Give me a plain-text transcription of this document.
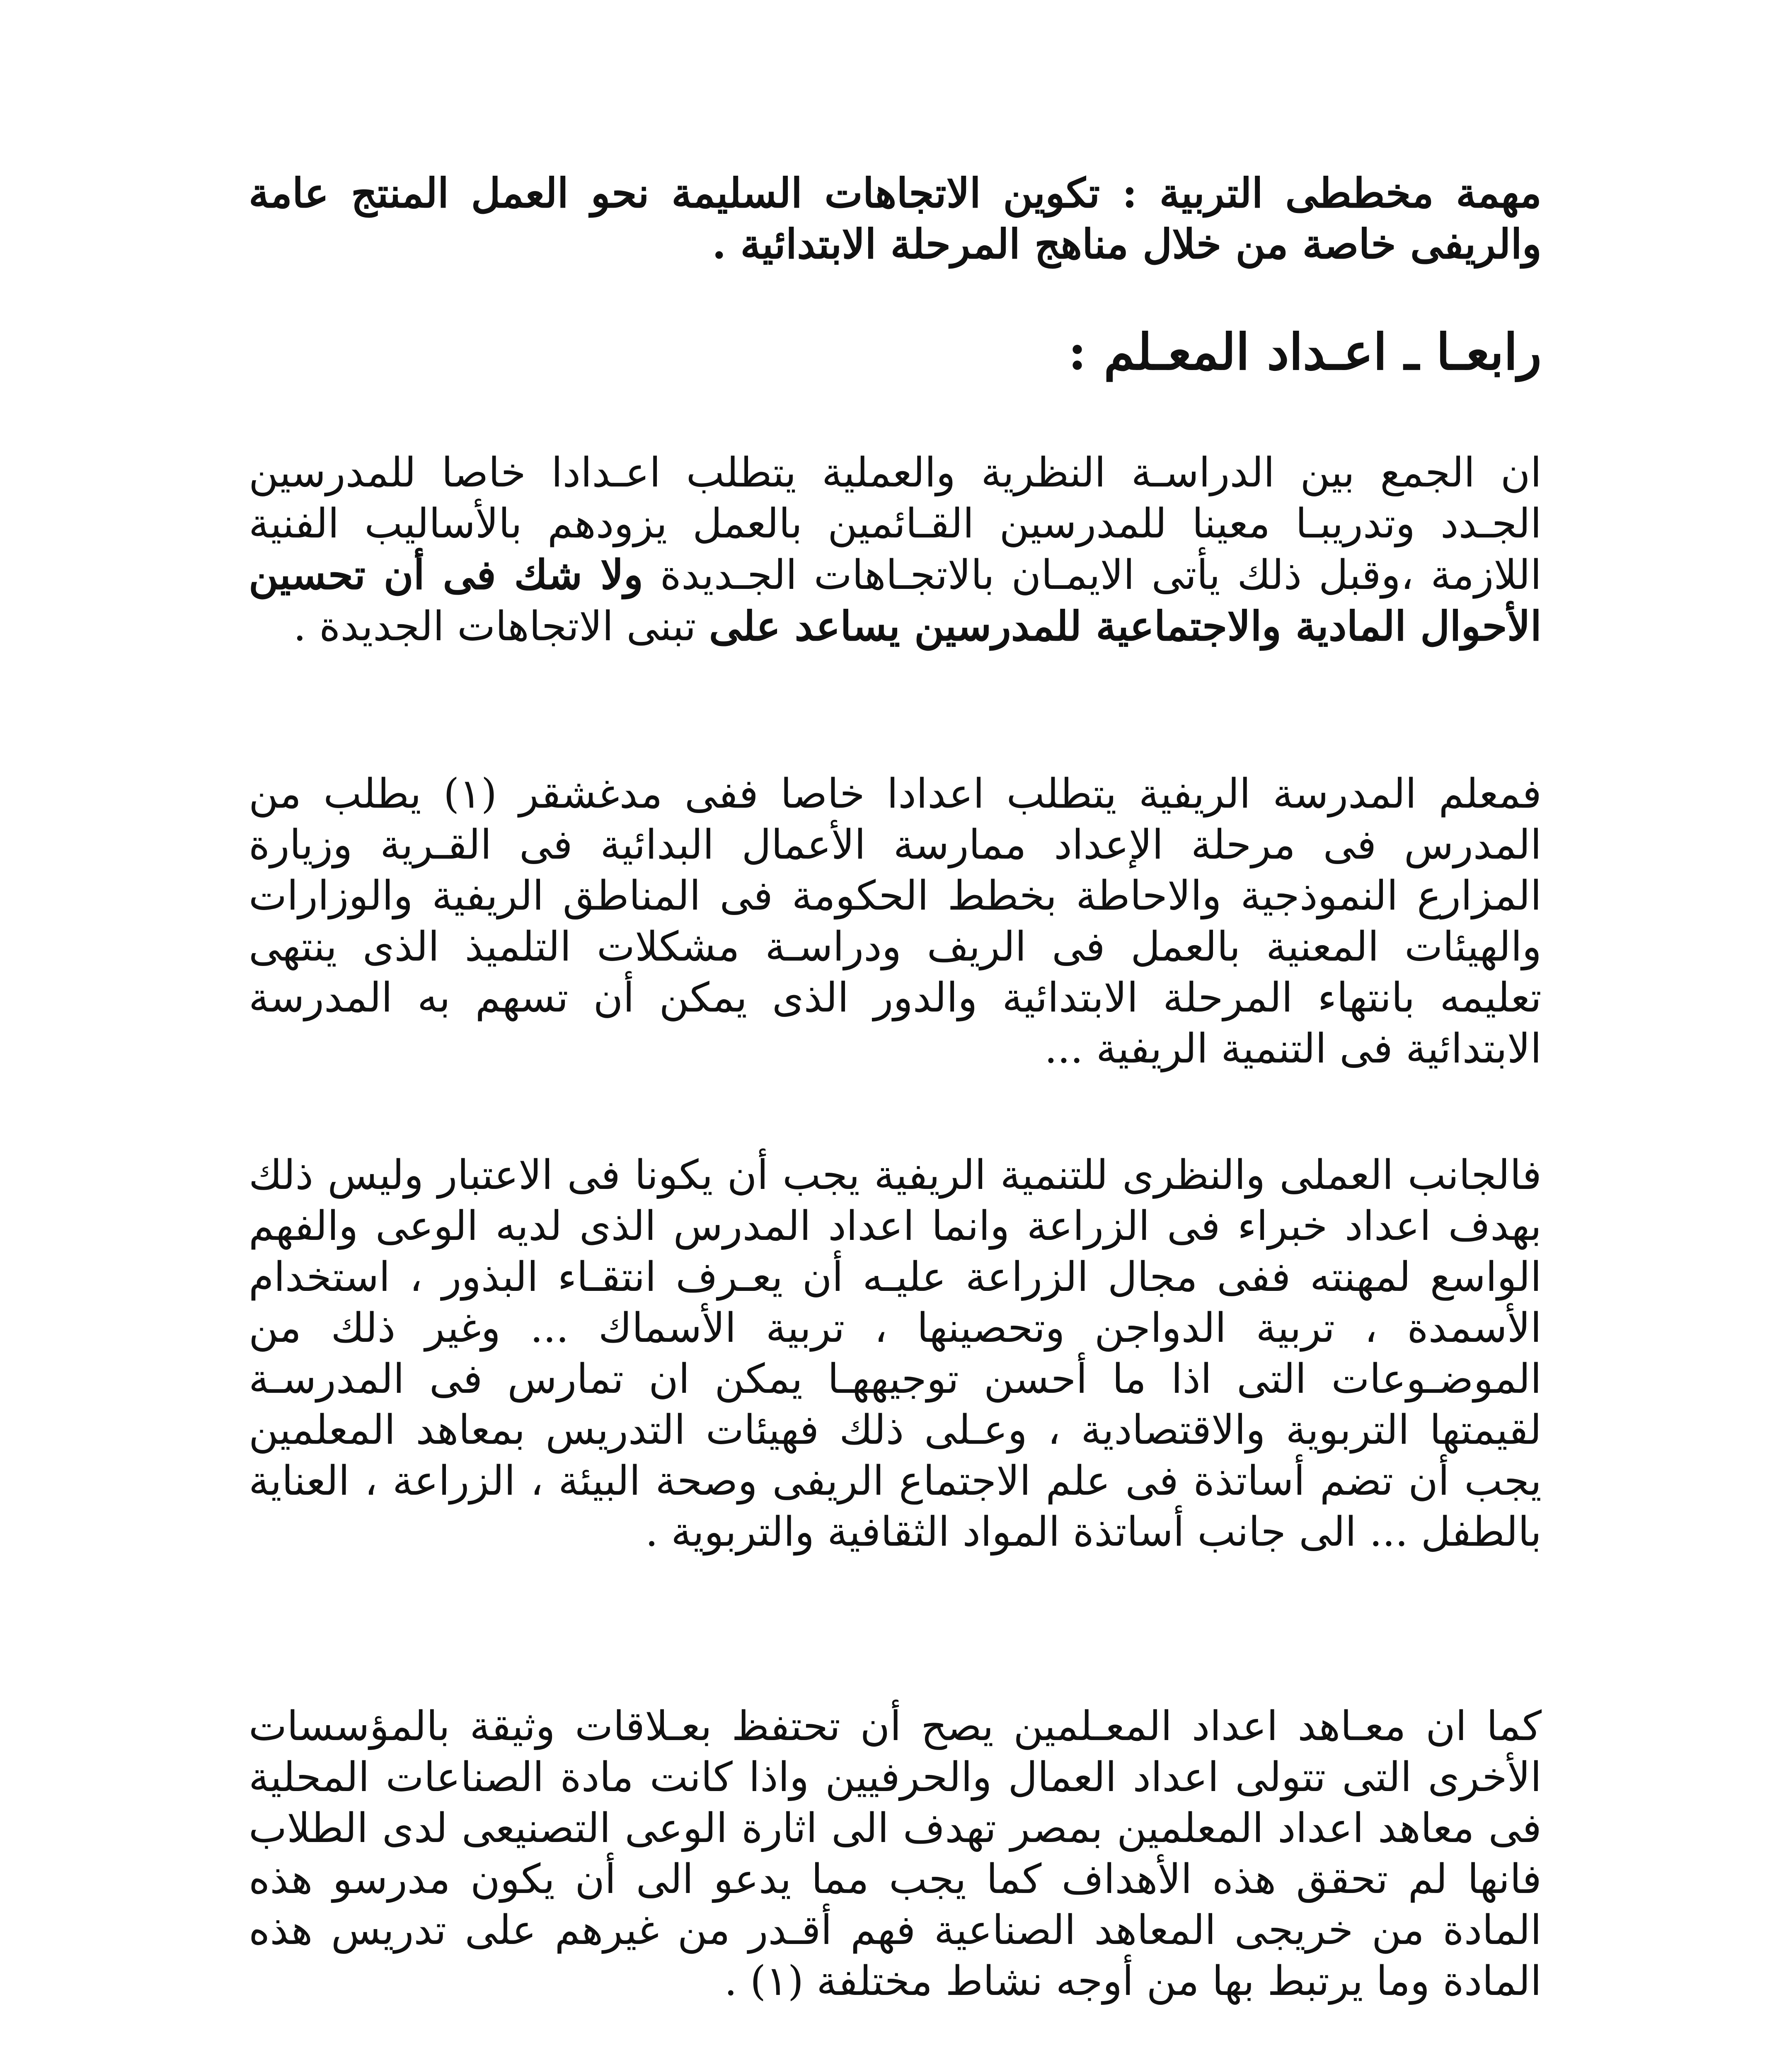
مهمة مخططى التربية : تكوين الاتجاهات السليمة نحو العمل المنتج عامة والريفى خاصة من خلال مناهج المرحلة الابتدائية .
رابعـا ـ اعـداد المعـلم :
ان الجمع بين الدراسـة النظرية والعملية يتطلب اعـدادا خاصا للمدرسين الجـدد وتدريبـا معينا للمدرسين القـائمين بالعمل يزودهم بالأساليب الفنية اللازمة ،وقبل ذلك يأتى الايمـان بالاتجـاهات الجـديدة ولا شك فى أن تحسين الأحوال المادية والاجتماعية للمدرسين يساعد على تبنى الاتجاهات الجديدة .
فمعلم المدرسة الريفية يتطلب اعدادا خاصا ففى مدغشقر (١) يطلب من المدرس فى مرحلة الإعداد ممارسة الأعمال البدائية فى القـرية وزيارة المزارع النموذجية والاحاطة بخطط الحكومة فى المناطق الريفية والوزارات والهيئات المعنية بالعمل فى الريف ودراسـة مشكلات التلميذ الذى ينتهى تعليمه بانتهاء المرحلة الابتدائية والدور الذى يمكن أن تسهم به المدرسة الابتدائية فى التنمية الريفية ...
فالجانب العملى والنظرى للتنمية الريفية يجب أن يكونا فى الاعتبار وليس ذلك بهدف اعداد خبراء فى الزراعة وانما اعداد المدرس الذى لديه الوعى والفهم الواسع لمهنته ففى مجال الزراعة عليـه أن يعـرف انتقـاء البذور ، استخدام الأسمدة ، تربية الدواجن وتحصينها ، تربية الأسماك ... وغير ذلك من الموضـوعات التى اذا ما أحسن توجيههـا يمكن ان تمارس فى المدرسـة لقيمتها التربوية والاقتصادية ، وعـلى ذلك فهيئات التدريس بمعاهد المعلمين يجب أن تضم أساتذة فى علم الاجتماع الريفى وصحة البيئة ، الزراعة ، العناية بالطفل ... الى جانب أساتذة المواد الثقافية والتربوية .
كما ان معـاهد اعداد المعـلمين يصح أن تحتفظ بعـلاقات وثيقة بالمؤسسات الأخرى التى تتولى اعداد العمال والحرفيين واذا كانت مادة الصناعات المحلية فى معاهد اعداد المعلمين بمصر تهدف الى اثارة الوعى التصنيعى لدى الطلاب فانها لم تحقق هذه الأهداف كما يجب مما يدعو الى أن يكون مدرسو هذه المادة من خريجى المعاهد الصناعية فهم أقـدر من غيرهم على تدريس هذه المادة وما يرتبط بها من أوجه نشاط مختلفة (١) .
